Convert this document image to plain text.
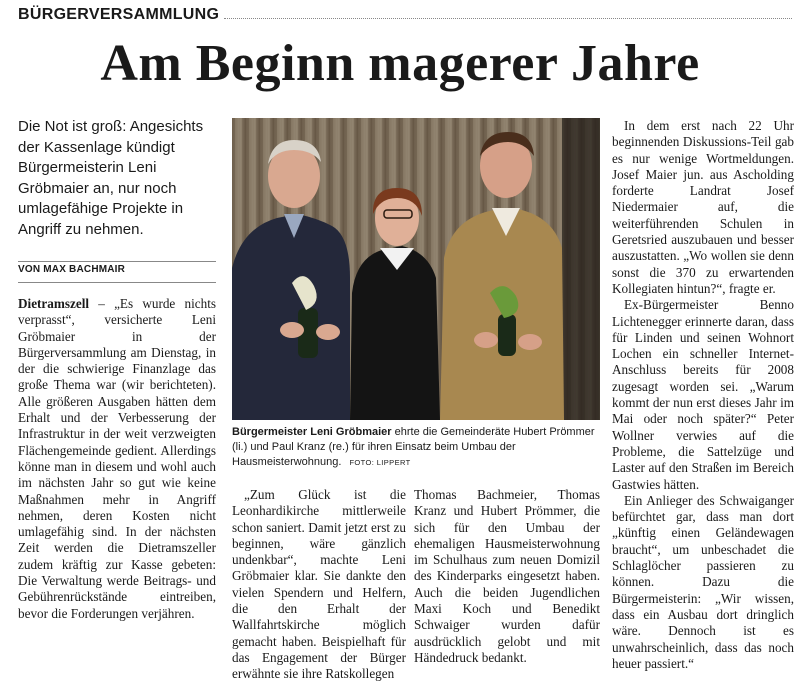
BÜRGERVERSAMMLUNG
Am Beginn magerer Jahre
Die Not ist groß: Angesichts der Kassenlage kündigt Bürgermeisterin Leni Gröbmaier an, nur noch umlagefähige Projekte in Angriff zu nehmen.
VON MAX BACHMAIR

Dietramszell – „Es wurde nichts verprasst“, versicherte Leni Gröbmaier in der Bürgerversammlung am Dienstag, in der die schwierige Finanzlage das große Thema war (wir berichteten). Alle größeren Ausgaben hätten dem Erhalt und der Verbesserung der Infrastruktur in der weit verzweigten Flächengemeinde gedient. Allerdings könne man in diesem und wohl auch im nächsten Jahr so gut wie keine Maßnahmen mehr in Angriff nehmen, deren Kosten nicht umlagefähig sind. In der nächsten Zeit werden die Dietramszeller zudem kräftig zur Kasse gebeten: Die Verwaltung werde Beitrags- und Gebührenrückstände eintreiben, bevor die Forderungen verjähren.

Bürgermeister Leni Gröbmaier ehrte die Gemeinderäte Hubert Prömmer (li.) und Paul Kranz (re.) für ihren Einsatz beim Umbau der Hausmeisterwohnung. FOTO: LIPPERT

„Zum Glück ist die Leonhardikirche mittlerweile schon saniert. Damit jetzt erst zu beginnen, wäre gänzlich undenkbar“, machte Leni Gröbmaier klar. Sie dankte den vielen Spendern und Helfern, die den Erhalt der Wallfahrtskirche möglich gemacht haben. Beispielhaft für das Engagement der Bürger erwähnte sie ihre Ratskollegen

Thomas Bachmeier, Thomas Kranz und Hubert Prömmer, die sich für den Umbau der ehemaligen Hausmeisterwohnung im Schulhaus zum neuen Domizil des Kinderparks eingesetzt haben. Auch die beiden Jugendlichen Maxi Koch und Benedikt Schwaiger wurden dafür ausdrücklich gelobt und mit Händedruck bedankt.

In dem erst nach 22 Uhr beginnenden Diskussions-Teil gab es nur wenige Wortmeldungen. Josef Maier jun. aus Ascholding forderte Landrat Josef Niedermaier auf, die weiterführenden Schulen in Geretsried auszubauen und besser auszustatten. „Wo wollen sie denn sonst die 370 zu erwartenden Kollegiaten hintun?“, fragte er.

Ex-Bürgermeister Benno Lichtenegger erinnerte daran, dass für Linden und seinen Wohnort Lochen ein schneller Internet-Anschluss bereits für 2008 zugesagt worden sei. „Warum kommt der nun erst dieses Jahr im Mai oder noch später?“ Peter Wollner verwies auf die Probleme, die Sattelzüge und Laster auf den Straßen im Bereich Gastwies hätten.

Ein Anlieger des Schwaiganger befürchtet gar, dass man dort „künftig einen Geländewagen braucht“, um unbeschadet die Schlaglöcher passieren zu können. Dazu die Bürgermeisterin: „Wir wissen, dass ein Ausbau dort dringlich wäre. Dennoch ist es unwahrscheinlich, dass das noch heuer passiert.“
